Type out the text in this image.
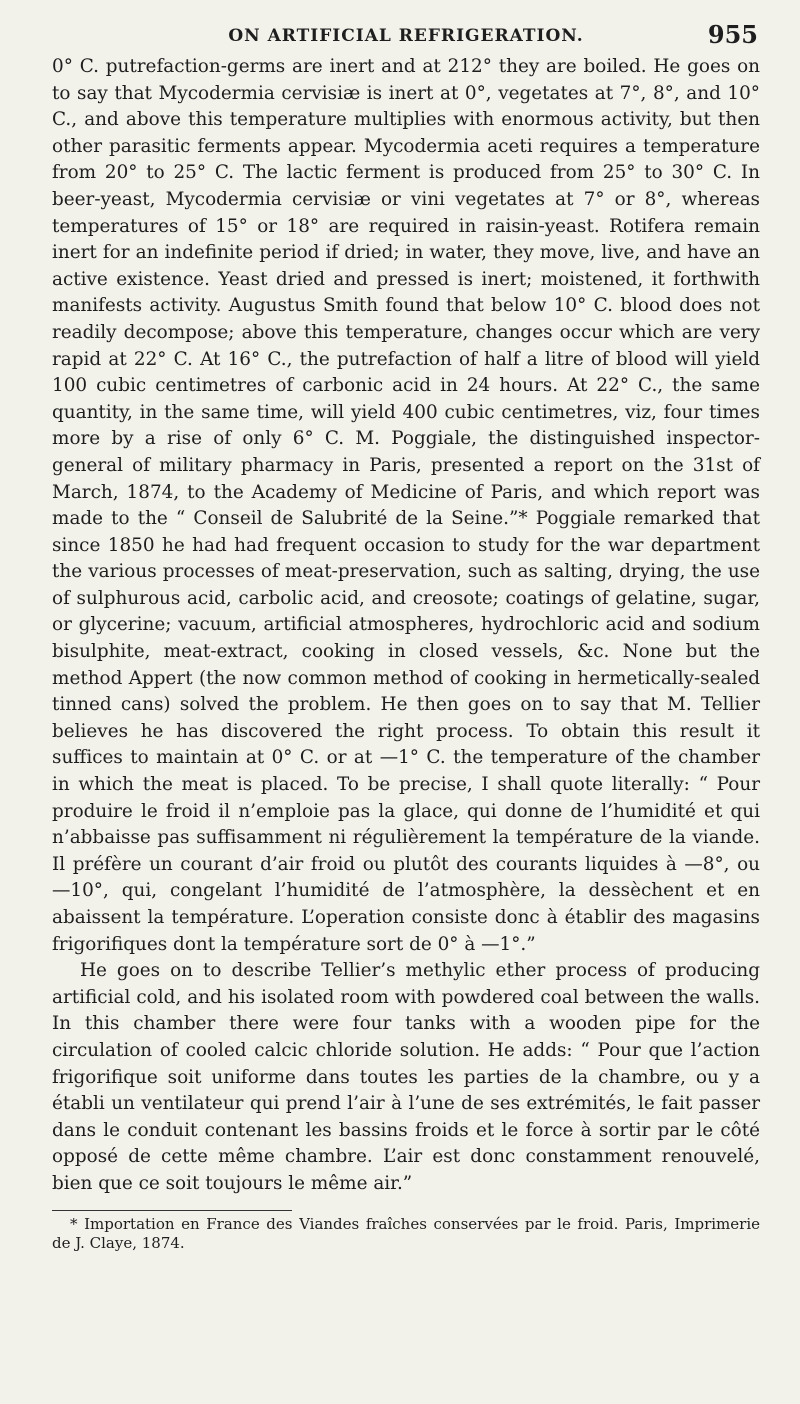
ON ARTIFICIAL REFRIGERATION.	955

0° C. putrefaction-germs are inert and at 212° they are boiled. He goes on to say that Mycodermia cervisiæ is inert at 0°, vegetates at 7°, 8°, and 10° C., and above this temperature multiplies with enormous activity, but then other parasitic ferments appear. Mycodermia aceti requires a temperature from 20° to 25° C. The lactic ferment is produced from 25° to 30° C. In beer-yeast, Mycodermia cervisiæ or vini vegetates at 7° or 8°, whereas temperatures of 15° or 18° are required in raisin-yeast. Rotifera remain inert for an indefinite period if dried; in water, they move, live, and have an active existence. Yeast dried and pressed is inert; moistened, it forthwith manifests activity. Augustus Smith found that below 10° C. blood does not readily decompose; above this temperature, changes occur which are very rapid at 22° C. At 16° C., the putrefaction of half a litre of blood will yield 100 cubic centimetres of carbonic acid in 24 hours. At 22° C., the same quantity, in the same time, will yield 400 cubic centimetres, viz, four times more by a rise of only 6° C. M. Poggiale, the distinguished inspector-general of military pharmacy in Paris, presented a report on the 31st of March, 1874, to the Academy of Medicine of Paris, and which report was made to the “ Conseil de Salubrité de la Seine.”* Poggiale remarked that since 1850 he had had frequent occasion to study for the war department the various processes of meat-preservation, such as salting, drying, the use of sulphurous acid, carbolic acid, and creosote; coatings of gelatine, sugar, or glycerine; vacuum, artificial atmospheres, hydrochloric acid and sodium bisulphite, meat-extract, cooking in closed vessels, &c. None but the method Appert (the now common method of cooking in hermetically-sealed tinned cans) solved the problem. He then goes on to say that M. Tellier believes he has discovered the right process. To obtain this result it suffices to maintain at 0° C. or at —1° C. the temperature of the chamber in which the meat is placed. To be precise, I shall quote literally: “ Pour produire le froid il n’emploie pas la glace, qui donne de l’humidité et qui n’abbaisse pas suffisamment ni régulièrement la température de la viande. Il préfère un courant d’air froid ou plutôt des courants liquides à —8°, ou —10°, qui, congelant l’humidité de l’atmosphère, la dessèchent et en abaissent la température. L’operation consiste donc à établir des magasins frigorifiques dont la température sort de 0° à —1°.”

He goes on to describe Tellier’s methylic ether process of producing artificial cold, and his isolated room with powdered coal between the walls. In this chamber there were four tanks with a wooden pipe for the circulation of cooled calcic chloride solution. He adds: “ Pour que l’action frigorifique soit uniforme dans toutes les parties de la chambre, ou y a établi un ventilateur qui prend l’air à l’une de ses extrémités, le fait passer dans le conduit contenant les bassins froids et le force à sortir par le côté opposé de cette même chambre. L’air est donc constamment renouvelé, bien que ce soit toujours le même air.”

* Importation en France des Viandes fraîches conservées par le froid. Paris, Imprimerie de J. Claye, 1874.
